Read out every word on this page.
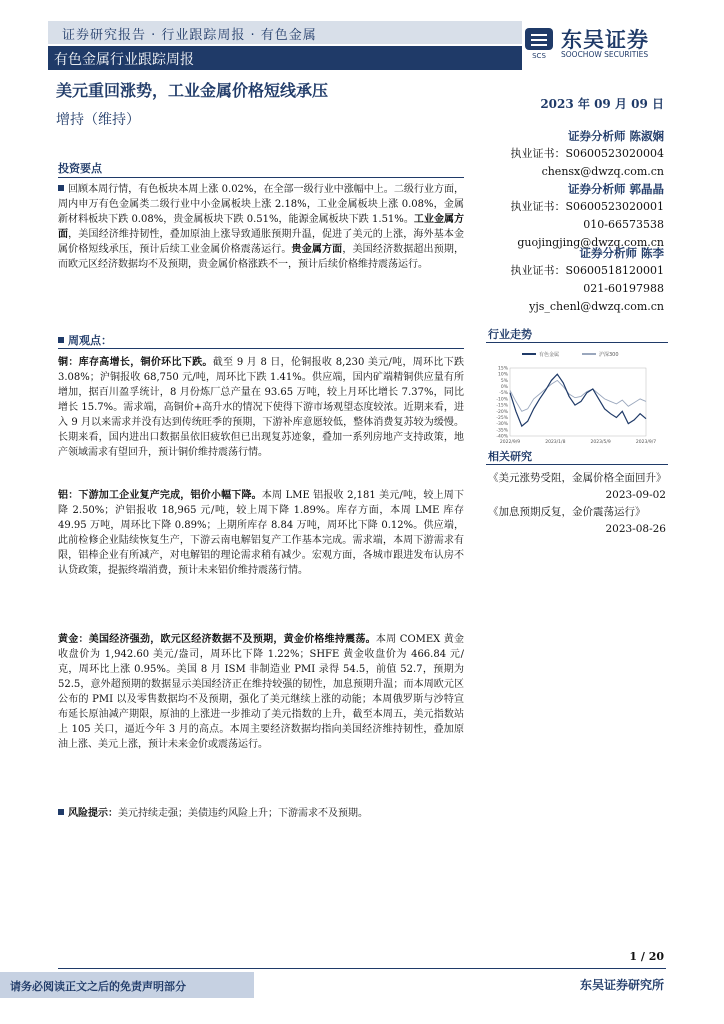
证券研究报告 · 行业跟踪周报 · 有色金属
有色金属行业跟踪周报	SCS
东吴证券
SOOCHOW SECURITIES
美元重回涨势，工业金属价格短线承压
增持（维持）
2023 年 09 月 09 日
证券分析师 陈淑娴
执业证书：S0600523020004
chensx@dwzq.com.cn
证券分析师 郭晶晶
执业证书：S0600523020001
010-66573538
guojingjing@dwzq.com.cn
证券分析师 陈李
执业证书：S0600518120001
021-60197988
yjs_chenl@dwzq.com.cn
投资要点
回顾本周行情，有色板块本周上涨 0.02%，在全部一级行业中涨幅中上。二级行业方面，周内申万有色金属类二级行业中小金属板块上涨 2.18%，工业金属板块上涨 0.08%，金属新材料板块下跌 0.08%，贵金属板块下跌 0.51%，能源金属板块下跌 1.51%。工业金属方面，美国经济维持韧性，叠加原油上涨导致通胀预期升温，促进了美元的上涨，海外基本金属价格短线承压，预计后续工业金属价格震荡运行。贵金属方面，美国经济数据超出预期，而欧元区经济数据均不及预期，贵金属价格涨跌不一，预计后续价格维持震荡运行。
周观点：
铜：库存高增长，铜价环比下跌。截至 9 月 8 日，伦铜报收 8,230 美元/吨，周环比下跌 3.08%；沪铜报收 68,750 元/吨，周环比下跌 1.41%。供应端，国内矿端精铜供应量有所增加，据百川盈孚统计，8 月份炼厂总产量在 93.65 万吨，较上月环比增长 7.37%，同比增长 15.7%。需求端，高铜价+高升水的情况下使得下游市场观望态度较浓。近期来看，进入 9 月以来需求并没有达到传统旺季的预期，下游补库意愿较低，整体消费复苏较为缓慢。长期来看，国内进出口数据虽依旧疲软但已出现复苏迹象，叠加一系列房地产支持政策，地产领域需求有望回升，预计铜价维持震荡行情。
铝：下游加工企业复产完成，铝价小幅下降。本周 LME 铝报收 2,181 美元/吨，较上周下降 2.50%；沪铝报收 18,965 元/吨，较上周下降 1.89%。库存方面，本周 LME 库存 49.95 万吨，周环比下降 0.89%；上期所库存 8.84 万吨，周环比下降 0.12%。供应端，此前检修企业陆续恢复生产，下游云南电解铝复产工作基本完成。需求端，本周下游需求有限，铝棒企业有所减产，对电解铝的理论需求稍有减少。宏观方面，各城市跟进发布认房不认贷政策，提振终端消费，预计未来铝价维持震荡行情。
黄金：美国经济强劲，欧元区经济数据不及预期，黄金价格维持震荡。本周 COMEX 黄金收盘价为 1,942.60 美元/盎司，周环比下降 1.22%；SHFE 黄金收盘价为 466.84 元/克，周环比上涨 0.95%。美国 8 月 ISM 非制造业 PMI 录得 54.5，前值 52.7，预期为 52.5，意外超预期的数据显示美国经济正在维持较强的韧性，加息预期升温；而本周欧元区公布的 PMI 以及零售数据均不及预期，强化了美元继续上涨的动能；本周俄罗斯与沙特宣布延长原油减产期限，原油的上涨进一步推动了美元指数的上升，截至本周五，美元指数站上 105 关口，逼近今年 3 月的高点。本周主要经济数据均指向美国经济维持韧性，叠加原油上涨、美元上涨，预计未来金价或震荡运行。
风险提示：美元持续走强；美债违约风险上升；下游需求不及预期。
行业走势
有色金属	沪深300
15%
10%
5%
0%
-5%
-10%
-15%
-20%
-25%
-30%
-35%
-40%
2022/9/9	2023/1/8	2023/5/9	2023/9/7
相关研究
《美元涨势受阻，金属价格全面回升》
2023-09-02
《加息预期反复，金价震荡运行》
2023-08-26
1 / 20
请务必阅读正文之后的免责声明部分	东吴证券研究所
